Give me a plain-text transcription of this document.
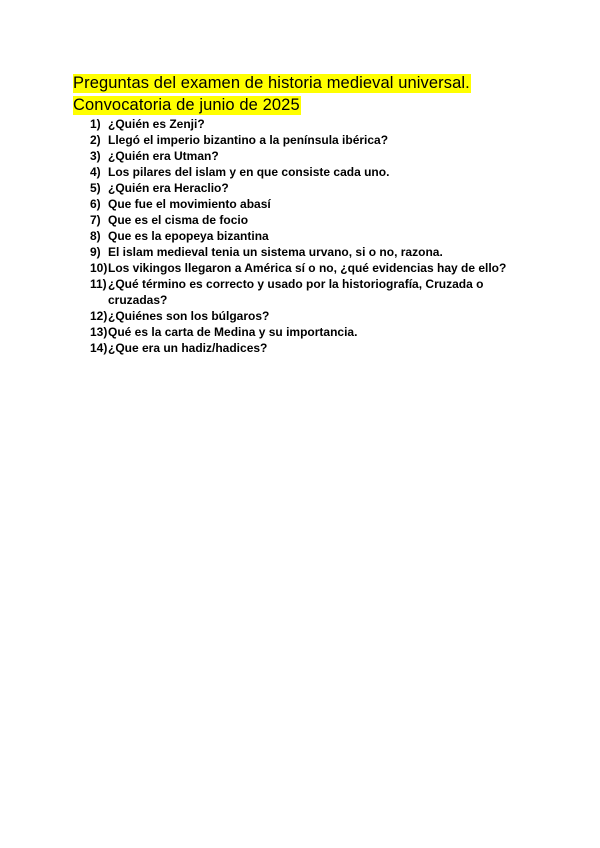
Preguntas del examen de historia medieval universal.
Convocatoria de junio de 2025
1) ¿Quién es Zenji?
2) Llegó el imperio bizantino a la península ibérica?
3) ¿Quién era Utman?
4) Los pilares del islam y en que consiste cada uno.
5) ¿Quién era Heraclio?
6) Que fue el movimiento abasí
7) Que es el cisma de focio
8) Que es la epopeya bizantina
9) El islam medieval tenia un sistema urvano, si o no, razona.
10) Los vikingos llegaron a América sí o no, ¿qué evidencias hay de ello?
11) ¿Qué término es correcto y usado por la historiografía, Cruzada o cruzadas?
12) ¿Quiénes son los búlgaros?
13) Qué es la carta de Medina y su importancia.
14) ¿Que era un hadiz/hadices?
